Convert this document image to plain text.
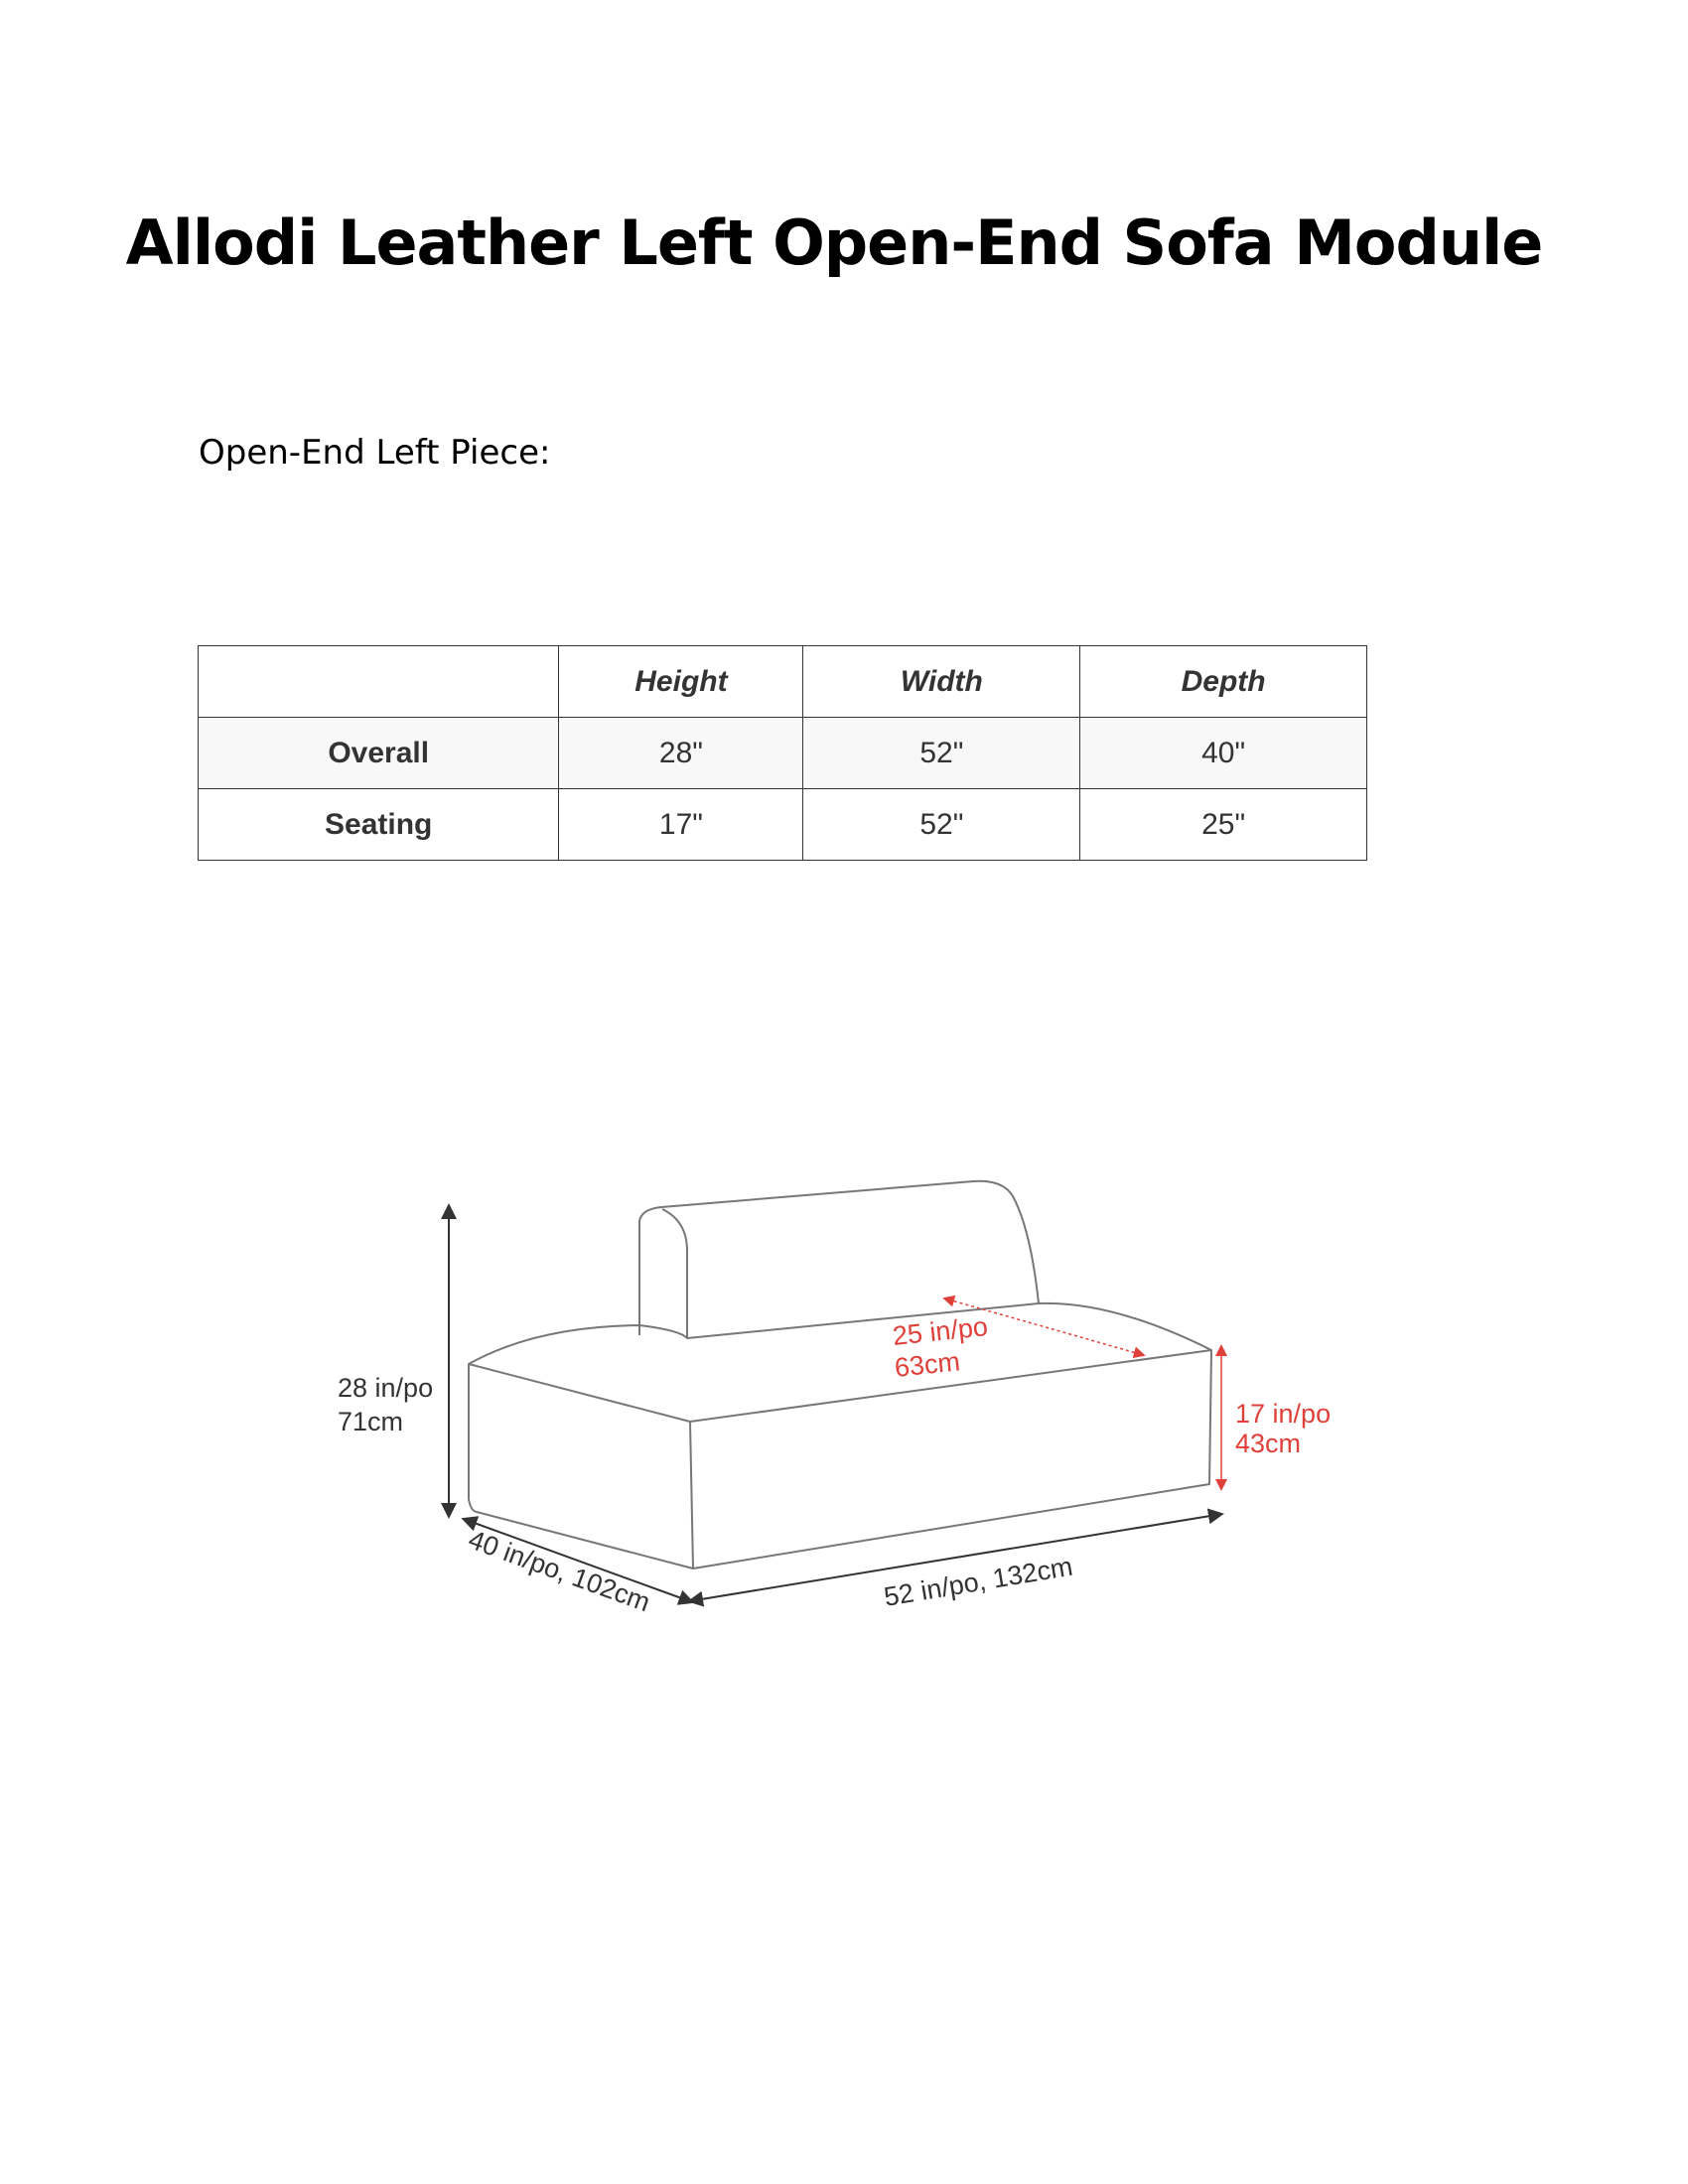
Allodi Leather Left Open-End Sofa Module

Open-End Left Piece:

	Height	Width	Depth
Overall	28"	52"	40"
Seating	17"	52"	25"
28 in/po
71cm
25 in/po
63cm
17 in/po
43cm
40 in/po, 102cm	52 in/po, 132cm
